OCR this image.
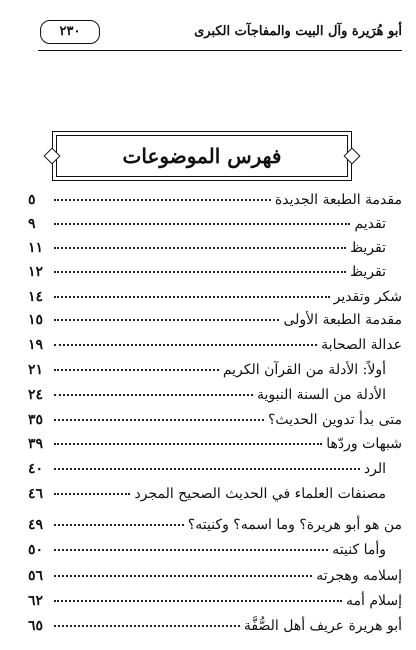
أبو هُرَيرة وآل البيت والمفاجآت الكبرى
٢٣٠
فهرس الموضوعات
مقدمة الطبعة الجديدة
٥
تقديم
٩
تقريظ
١١
تقريظ
١٢
شكر وتقدير
١٤
مقدمة الطبعة الأولى
١٥
عدالة الصحابة
١٩
أولاً: الأدلة من القرآن الكريم
٢١
الأدلة من السنة النبوية
٢٤
متى بدأ تدوين الحديث؟
٣٥
شبهات وردّها
٣٩
الرد
٤٠
مصنفات العلماء في الحديث الصحيح المجرد
٤٦
من هو أبو هريرة؟ وما اسمه؟ وكنيته؟
٤٩
وأما كنيته
٥٠
إسلامه وهجرته
٥٦
إسلام أمه
٦٢
أبو هريرة عريف أهل الصُّفَّة
٦٥
